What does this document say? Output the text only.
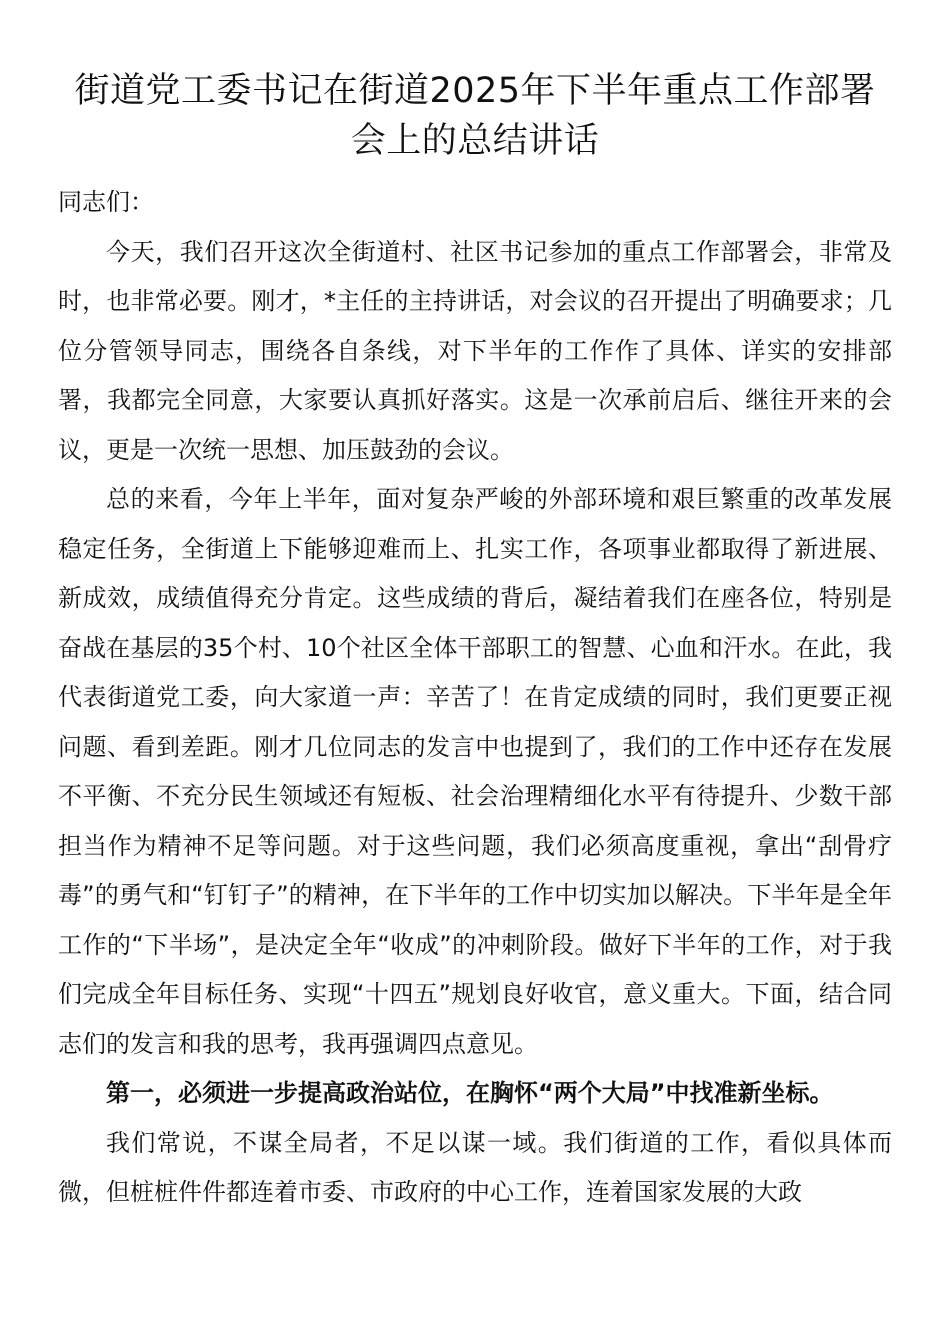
街道党工委书记在街道2025年下半年重点工作部署会上的总结讲话

同志们：

今天，我们召开这次全街道村、社区书记参加的重点工作部署会，非常及时，也非常必要。刚才，*主任的主持讲话，对会议的召开提出了明确要求；几位分管领导同志，围绕各自条线，对下半年的工作作了具体、详实的安排部署，我都完全同意，大家要认真抓好落实。这是一次承前启后、继往开来的会议，更是一次统一思想、加压鼓劲的会议。

总的来看，今年上半年，面对复杂严峻的外部环境和艰巨繁重的改革发展稳定任务，全街道上下能够迎难而上、扎实工作，各项事业都取得了新进展、新成效，成绩值得充分肯定。这些成绩的背后，凝结着我们在座各位，特别是奋战在基层的35个村、10个社区全体干部职工的智慧、心血和汗水。在此，我代表街道党工委，向大家道一声：辛苦了！在肯定成绩的同时，我们更要正视问题、看到差距。刚才几位同志的发言中也提到了，我们的工作中还存在发展不平衡、不充分民生领域还有短板、社会治理精细化水平有待提升、少数干部担当作为精神不足等问题。对于这些问题，我们必须高度重视，拿出“刮骨疗毒”的勇气和“钉钉子”的精神，在下半年的工作中切实加以解决。下半年是全年工作的“下半场”，是决定全年“收成”的冲刺阶段。做好下半年的工作，对于我们完成全年目标任务、实现“十四五”规划良好收官，意义重大。下面，结合同志们的发言和我的思考，我再强调四点意见。

第一，必须进一步提高政治站位，在胸怀“两个大局”中找准新坐标。

我们常说，不谋全局者，不足以谋一域。我们街道的工作，看似具体而微，但桩桩件件都连着市委、市政府的中心工作，连着国家发展的大政
